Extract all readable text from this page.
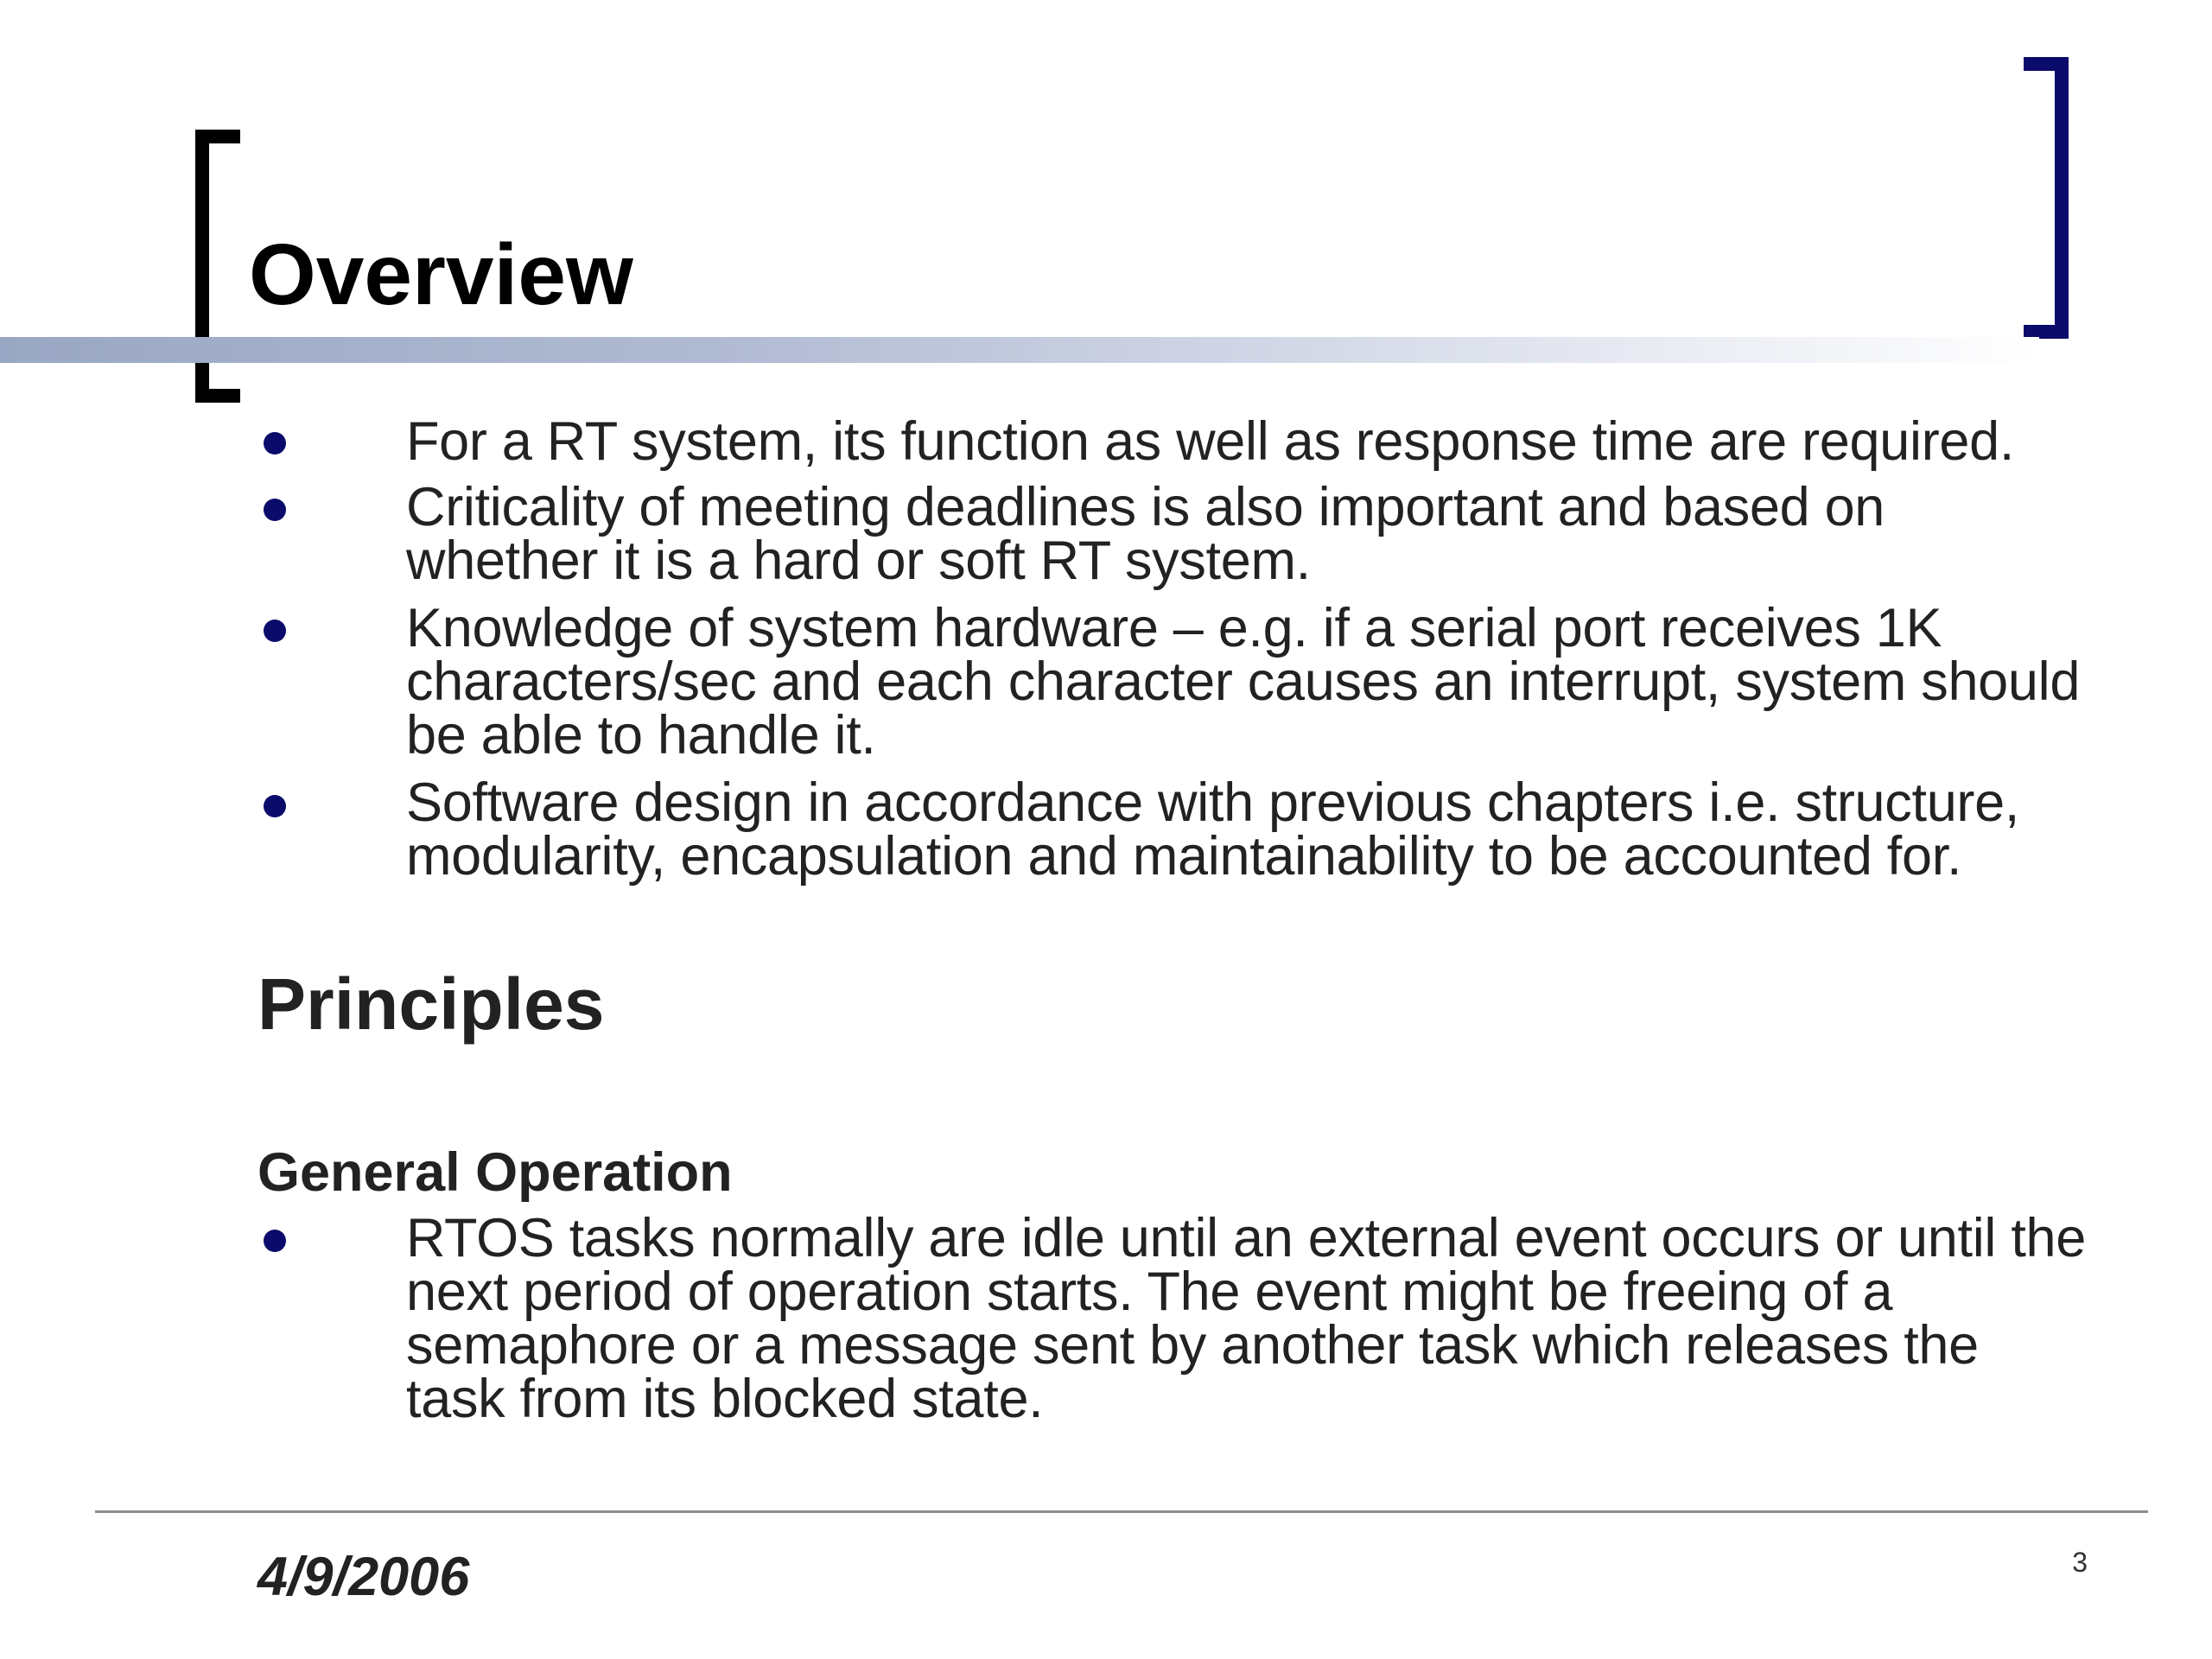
Overview
For a RT system, its function as well as response time are required.
Criticality of meeting deadlines is also important and based on whether it is a hard or soft RT system.
Knowledge of system hardware – e.g. if a serial port receives 1K characters/sec and each character causes an interrupt, system should be able to handle it.
Software design in accordance with previous chapters i.e. structure, modularity, encapsulation and maintainability to be accounted for.
Principles
General Operation
RTOS tasks normally are idle until an external event occurs or until the next period of operation starts. The event might be freeing of a semaphore or a message sent by another task which releases the task from its blocked state.
4/9/2006	3
